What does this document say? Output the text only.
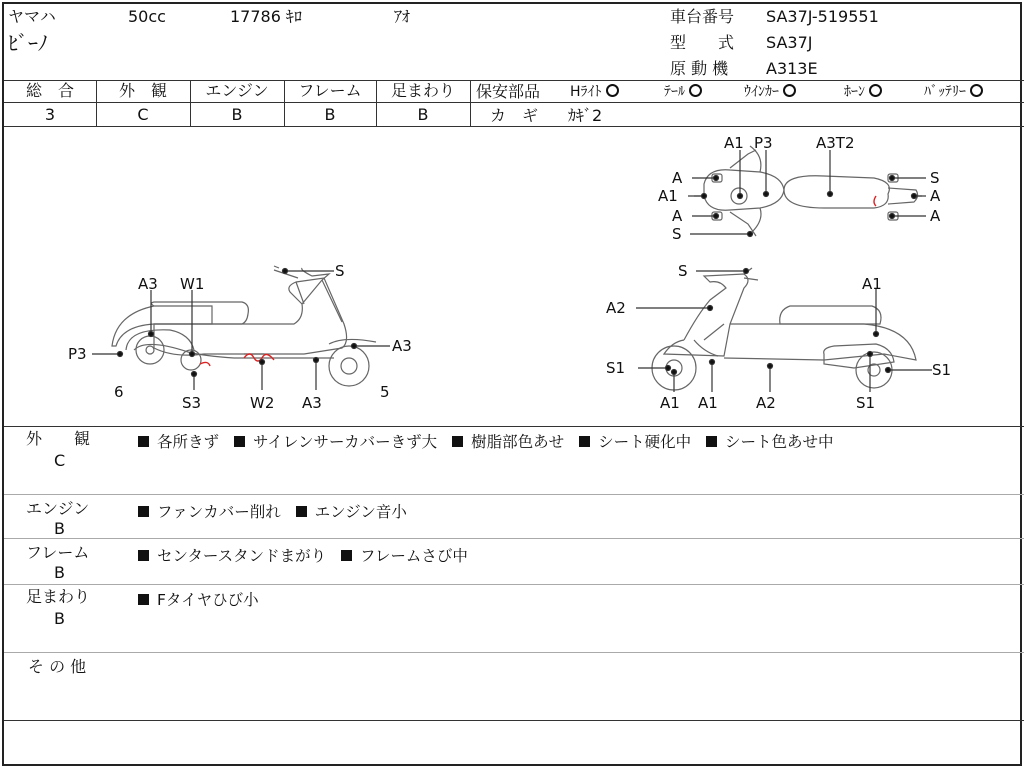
ヤマハ	50cc	17786 ｷﾛ	ｱｵ
ﾋﾞｰﾉ
車台番号 SA37J-519551
型　　式 SA37J
原 動 機 A313E
総　合
3
外　観
C
エンジン
B
フレーム
B
足まわり
B
保安部品 Hﾗｲﾄ	ﾃｰﾙ	ｳｲﾝｶｰ	ﾎｰﾝ	ﾊﾞｯﾃﾘｰ
カ　ギ ｶｷﾞ2
A3 W1
S
P3	A3
6
S3	W2 A3
5
S
A1
A2
S1
A1 A1	A2
S1
S1
A1 P3	A3T2
A	S
A1	A
A	A
S
外　　観
C
各所きず サイレンサーカバーきず大 樹脂部色あせ シート硬化中 シート色あせ中
エンジン
B
ファンカバー削れ エンジン音小
フレーム
B
センタースタンドまがり フレームさび中
足まわり
B
Fタイヤひび小
そ の 他
